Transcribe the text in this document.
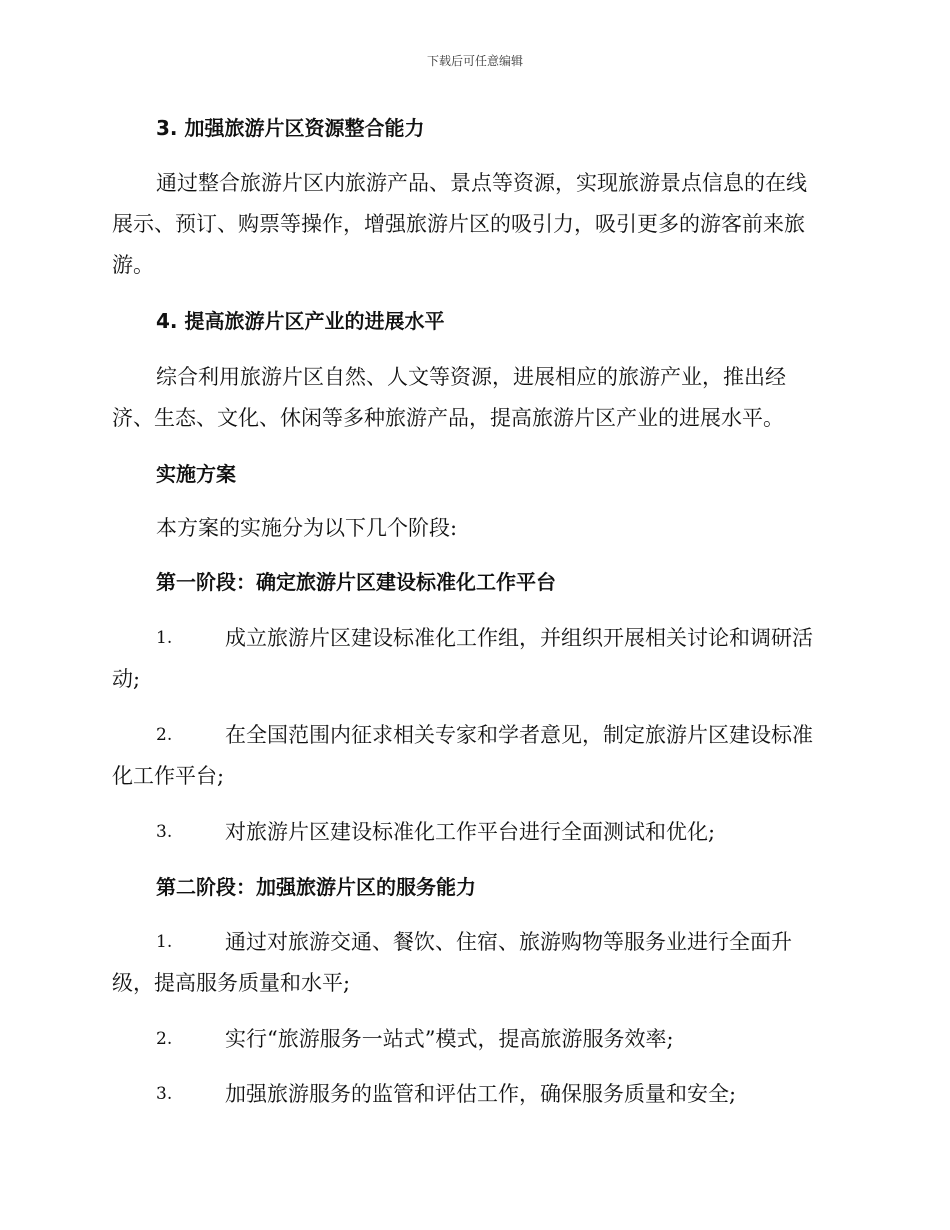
下载后可任意编辑
3. 加强旅游片区资源整合能力
通过整合旅游片区内旅游产品、景点等资源，实现旅游景点信息的在线
展示、预订、购票等操作，增强旅游片区的吸引力，吸引更多的游客前来旅
游。
4. 提高旅游片区产业的进展水平
综合利用旅游片区自然、人文等资源，进展相应的旅游产业，推出经
济、生态、文化、休闲等多种旅游产品，提高旅游片区产业的进展水平。
实施方案
本方案的实施分为以下几个阶段:
第一阶段：确定旅游片区建设标准化工作平台
1.	成立旅游片区建设标准化工作组，并组织开展相关讨论和调研活
动;
2.	在全国范围内征求相关专家和学者意见，制定旅游片区建设标准
化工作平台;
3.	对旅游片区建设标准化工作平台进行全面测试和优化;
第二阶段：加强旅游片区的服务能力
1.	通过对旅游交通、餐饮、住宿、旅游购物等服务业进行全面升
级，提高服务质量和水平;
2.	实行“旅游服务一站式”模式，提高旅游服务效率;
3.	加强旅游服务的监管和评估工作，确保服务质量和安全;
